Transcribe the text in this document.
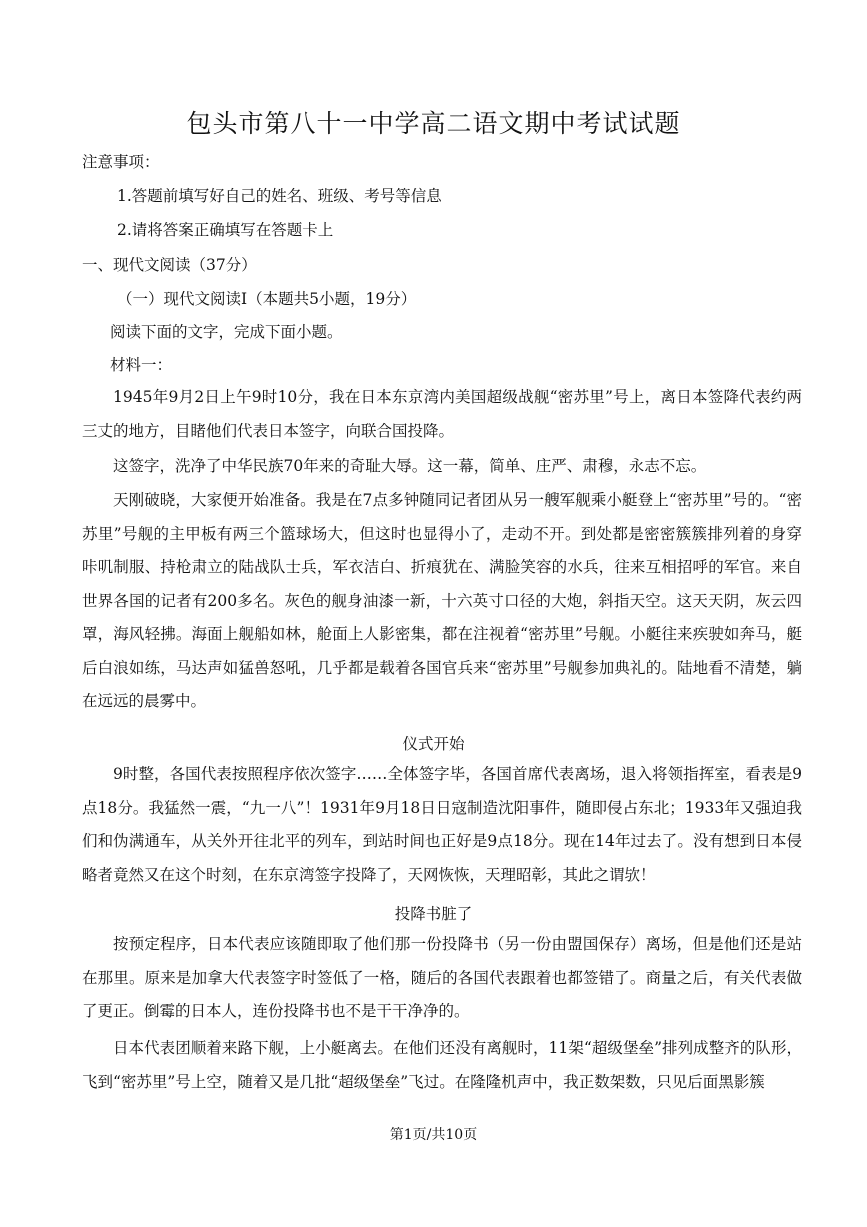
包头市第八十一中学高二语文期中考试试题
注意事项：
1.答题前填写好自己的姓名、班级、考号等信息
2.请将答案正确填写在答题卡上
一、现代文阅读（37分）
（一）现代文阅读Ⅰ（本题共5小题，19分）
阅读下面的文字，完成下面小题。
材料一：
1945年9月2日上午9时10分，我在日本东京湾内美国超级战舰“密苏里”号上，离日本签降代表约两三丈的地方，目睹他们代表日本签字，向联合国投降。
这签字，洗净了中华民族70年来的奇耻大辱。这一幕，简单、庄严、肃穆，永志不忘。
天刚破晓，大家便开始准备。我是在7点多钟随同记者团从另一艘军舰乘小艇登上“密苏里”号的。“密苏里”号舰的主甲板有两三个篮球场大，但这时也显得小了，走动不开。到处都是密密簇簇排列着的身穿咔叽制服、持枪肃立的陆战队士兵，军衣洁白、折痕犹在、满脸笑容的水兵，往来互相招呼的军官。来自世界各国的记者有200多名。灰色的舰身油漆一新，十六英寸口径的大炮，斜指天空。这天天阴，灰云四罩，海风轻拂。海面上舰船如林，舱面上人影密集，都在注视着“密苏里”号舰。小艇往来疾驶如奔马，艇后白浪如练，马达声如猛兽怒吼，几乎都是载着各国官兵来“密苏里”号舰参加典礼的。陆地看不清楚，躺在远远的晨雾中。
仪式开始
9时整，各国代表按照程序依次签字……全体签字毕，各国首席代表离场，退入将领指挥室，看表是9点18分。我猛然一震，“九一八”！1931年9月18日日寇制造沈阳事件，随即侵占东北；1933年又强迫我们和伪满通车，从关外开往北平的列车，到站时间也正好是9点18分。现在14年过去了。没有想到日本侵略者竟然又在这个时刻，在东京湾签字投降了，天网恢恢，天理昭彰，其此之谓欤！
投降书脏了
按预定程序，日本代表应该随即取了他们那一份投降书（另一份由盟国保存）离场，但是他们还是站在那里。原来是加拿大代表签字时签低了一格，随后的各国代表跟着也都签错了。商量之后，有关代表做了更正。倒霉的日本人，连份投降书也不是干干净净的。
日本代表团顺着来路下舰，上小艇离去。在他们还没有离舰时，11架“超级堡垒”排列成整齐的队形，飞到“密苏里”号上空，随着又是几批“超级堡垒”飞过。在隆隆机声中，我正数架数，只见后面黑影簇
第1页/共10页
